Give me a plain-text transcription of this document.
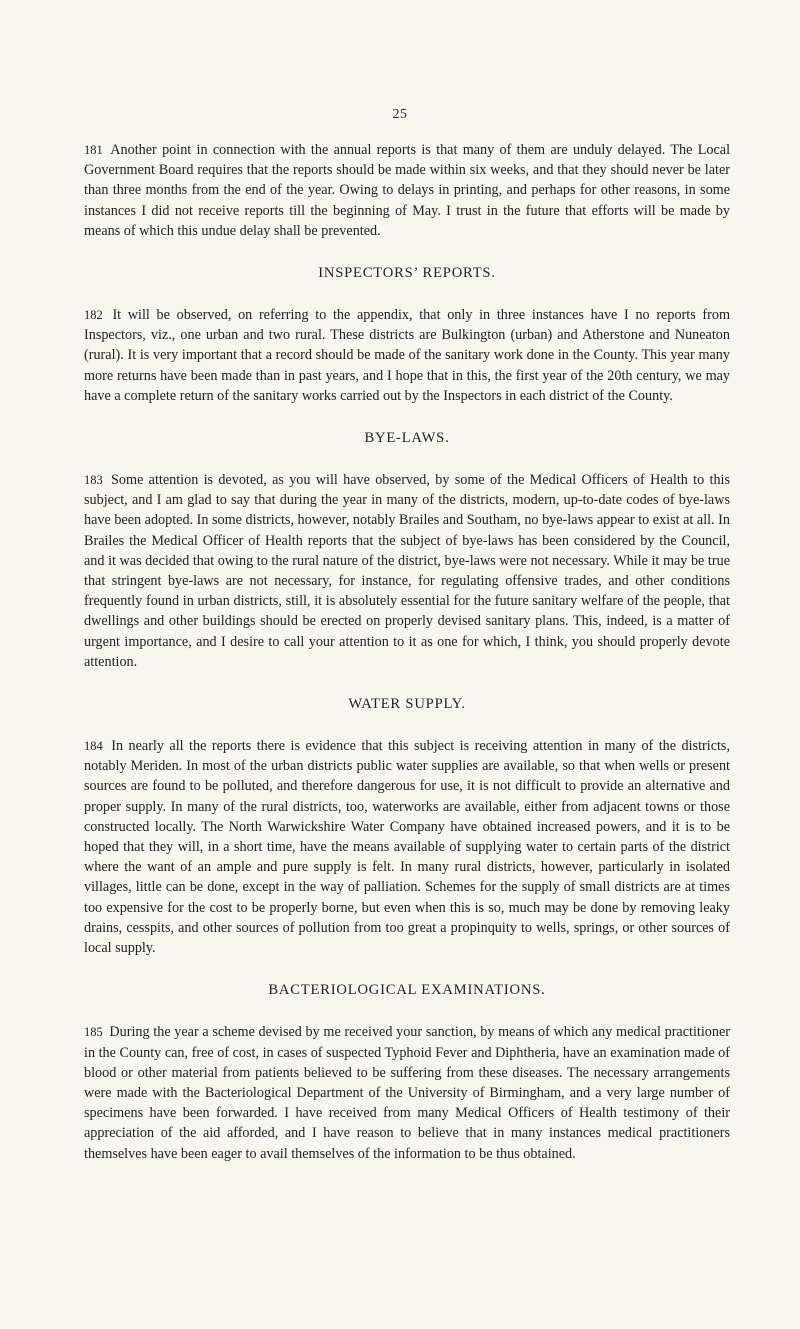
25

181 Another point in connection with the annual reports is that many of them are unduly delayed. The Local Government Board requires that the reports should be made within six weeks, and that they should never be later than three months from the end of the year. Owing to delays in printing, and perhaps for other reasons, in some instances I did not receive reports till the beginning of May. I trust in the future that efforts will be made by means of which this undue delay shall be prevented.

INSPECTORS’ REPORTS.

182 It will be observed, on referring to the appendix, that only in three instances have I no reports from Inspectors, viz., one urban and two rural. These districts are Bulkington (urban) and Atherstone and Nuneaton (rural). It is very important that a record should be made of the sanitary work done in the County. This year many more returns have been made than in past years, and I hope that in this, the first year of the 20th century, we may have a complete return of the sanitary works carried out by the Inspectors in each district of the County.

BYE-LAWS.

183 Some attention is devoted, as you will have observed, by some of the Medical Officers of Health to this subject, and I am glad to say that during the year in many of the districts, modern, up-to-date codes of bye-laws have been adopted. In some districts, however, notably Brailes and Southam, no bye-laws appear to exist at all. In Brailes the Medical Officer of Health reports that the subject of bye-laws has been considered by the Council, and it was decided that owing to the rural nature of the district, bye-laws were not necessary. While it may be true that stringent bye-laws are not necessary, for instance, for regulating offensive trades, and other conditions frequently found in urban districts, still, it is absolutely essential for the future sanitary welfare of the people, that dwellings and other buildings should be erected on properly devised sanitary plans. This, indeed, is a matter of urgent importance, and I desire to call your attention to it as one for which, I think, you should properly devote attention.

WATER SUPPLY.

184 In nearly all the reports there is evidence that this subject is receiving attention in many of the districts, notably Meriden. In most of the urban districts public water supplies are available, so that when wells or present sources are found to be polluted, and therefore dangerous for use, it is not difficult to provide an alternative and proper supply. In many of the rural districts, too, waterworks are available, either from adjacent towns or those constructed locally. The North Warwickshire Water Company have obtained increased powers, and it is to be hoped that they will, in a short time, have the means available of supplying water to certain parts of the district where the want of an ample and pure supply is felt. In many rural districts, however, particularly in isolated villages, little can be done, except in the way of palliation. Schemes for the supply of small districts are at times too expensive for the cost to be properly borne, but even when this is so, much may be done by removing leaky drains, cesspits, and other sources of pollution from too great a propinquity to wells, springs, or other sources of local supply.

BACTERIOLOGICAL EXAMINATIONS.

185 During the year a scheme devised by me received your sanction, by means of which any medical practitioner in the County can, free of cost, in cases of suspected Typhoid Fever and Diphtheria, have an examination made of blood or other material from patients believed to be suffering from these diseases. The necessary arrangements were made with the Bacteriological Department of the University of Birmingham, and a very large number of specimens have been forwarded. I have received from many Medical Officers of Health testimony of their appreciation of the aid afforded, and I have reason to believe that in many instances medical practitioners themselves have been eager to avail themselves of the information to be thus obtained.
